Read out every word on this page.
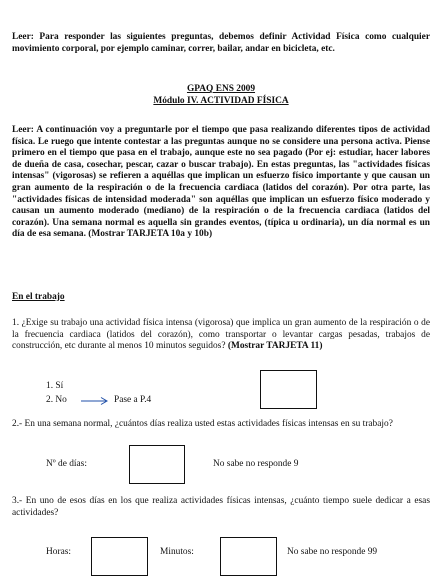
Leer: Para responder las siguientes preguntas, debemos definir Actividad Física como cualquier movimiento corporal, por ejemplo caminar, correr, bailar, andar en bicicleta, etc.

GPAQ ENS 2009

Módulo IV. ACTIVIDAD FÍSICA

Leer: A continuación voy a preguntarle por el tiempo que pasa realizando diferentes tipos de actividad física. Le ruego que intente contestar a las preguntas aunque no se considere una persona activa. Piense primero en el tiempo que pasa en el trabajo, aunque este no sea pagado (Por ej: estudiar, hacer labores de dueña de casa, cosechar, pescar, cazar o buscar trabajo). En estas preguntas, las "actividades físicas intensas" (vigorosas) se refieren a aquéllas que implican un esfuerzo físico importante y que causan un gran aumento de la respiración o de la frecuencia cardiaca (latidos del corazón). Por otra parte, las "actividades físicas de intensidad moderada" son aquéllas que implican un esfuerzo físico moderado y causan un aumento moderado (mediano) de la respiración o de la frecuencia cardiaca (latidos del corazón). Una semana normal es aquella sin grandes eventos, (típica u ordinaria), un día normal es un día de esa semana. (Mostrar TARJETA 10a y 10b)

En el trabajo

1. ¿Exige su trabajo una actividad física intensa (vigorosa) que implica un gran aumento de la respiración o de la frecuencia cardiaca (latidos del corazón), como transportar o levantar cargas pesadas, trabajos de construcción, etc durante al menos 10 minutos seguidos? (Mostrar TARJETA 11)

1. Sí
2. No	Pase a P.4

2.- En una semana normal, ¿cuántos días realiza usted estas actividades físicas intensas en su trabajo?

Nº de días:	No sabe no responde 9

3.- En uno de esos días en los que realiza actividades físicas intensas, ¿cuánto tiempo suele dedicar a esas actividades?

Horas:	Minutos:	No sabe no responde 99
